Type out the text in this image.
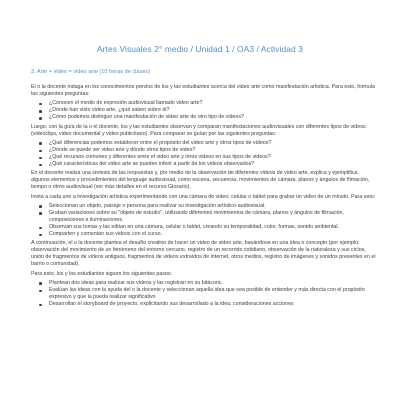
Artes Visuales 2° medio / Unidad 1 / OA3 / Actividad 3
3. Arte + video = video arte (10 horas de clases)

El o la docente indaga en los conocimientos previos de los y las estudiantes acerca del video arte como manifestación artística. Para esto, formula las siguientes preguntas:

¿Conocen el medio de expresión audiovisual llamado video arte?
¿Dónde han visto video arte, ¿qué saben sobre él?
¿Cómo podemos distinguir una manifestación de video arte de otro tipo de videos?

Luego, con la guía de la o el docente, los y las estudiantes observan y comparan manifestaciones audiovisuales con diferentes tipos de videos (videoclips, video documental y video publicitario). Para comparar se guían por las siguientes preguntas:

¿Qué diferencias podemos establecer entre el propósito del video arte y otros tipos de videos?
¿Dónde se puede ver video arte y dónde otros tipos de video?
¿Qué recursos comunes y diferentes entre el video arte y otros videos en sus tipos de videos?
¿Qué características del video arte se pueden inferir a partir de los videos observados?

En el docente realiza una síntesis de las respuestas y, por medio de la observación de diferentes videos de video arte, explica y ejemplifica algunos elementos y procedimientos del lenguaje audiovisual, como escena, secuencia, movimientos de cámara, planos y ángulos de filmación, tiempo o ritmo audiovisual (ver más detalles en el recurso Glosario).

Invita a cada uno a investigación artística experimentando con una cámara de video, celular o tablet para grabar un video de un minuto. Para esto:

Seleccionan un objeto, paisaje o persona para realizar su investigación artístico-audiovisual.
Graban variaciones sobre su "objeto de estudio", utilizando diferentes movimientos de cámara, planos y ángulos de filmación, composiciones e iluminaciones.
Observan sus tomas y las editan en una cámara, celular o tablet, creando su temporalidad, color, formas, sonido ambiental.
Comparten y comentan sus videos con el curso.

A continuación, el o la docente plantea el desafío creativo de hacer un video de video arte, basándose en una idea o concepto (por ejemplo: observación del movimiento de un fenómeno del entorno cercano, registro de un recorrido cotidiano, observación de la naturaleza y sus ciclos, unión de fragmentos de videos antiguos, fragmentos de videos extraídos de internet, otros medios, registro de imágenes y sonidos presentes en el barrio o comunidad).

Para esto, los y las estudiantes siguen los siguientes pasos:

Plantean dos ideas para realizar sus videos y las registran en su bitácora.
Evalúan las ideas con la ayuda del o la docente y seleccionan aquella idea que sea posible de entender y más directa con el propósito expresivo y que la pueda realizar significativo
Desarrollan el storyboard de proyecto, explicitando sus desarrollado a la idea, consideraciones acciones
